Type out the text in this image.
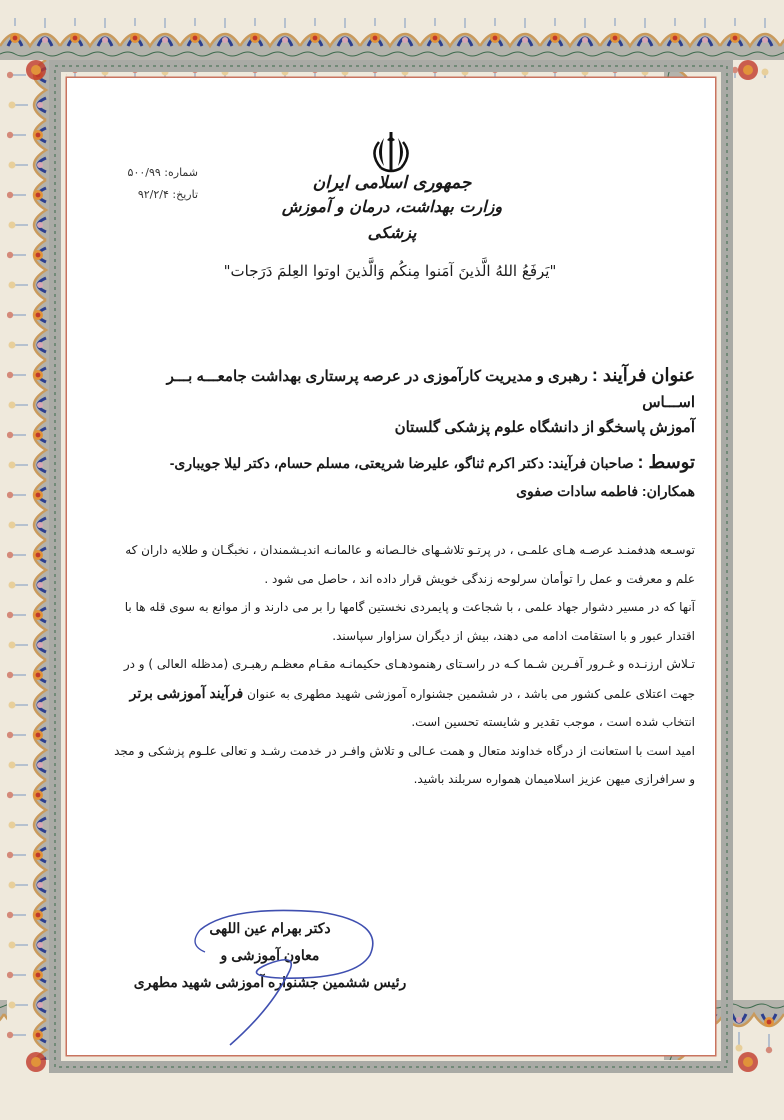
شماره: ۵۰۰/۹۹
تاریخ: ۹۲/۲/۴
جمهوری اسلامی ایران
وزارت بهداشت، درمان و آموزش پزشکی
"یَرفَعُ اللهُ الَّذینَ آمَنوا مِنکُم وَالَّذینَ اوتوا العِلمَ دَرَجات"
عنوان فرآیند : رهبری و مدیریت کارآموزی در عرصه پرستاری بهداشت جامعـــه بـــر اســـاس
آموزش پاسخگو از دانشگاه علوم پزشکی گلستان
توسط : صاحبان فرآیند: دکتر اکرم ثناگو، علیرضا شریعتی، مسلم حسام، دکتر لیلا جویباری-
همکاران: فاطمه سادات صفوی

توسـعه هدفمنـد عرصـه هـای علمـی ، در پرتـو تلاشـهای خالـصانه و عالمانـه اندیـشمندان ، نخبگـان و طلایه داران که علم و معرفت و عمل را توأمان سرلوحه زندگی خویش قرار داده اند ، حاصل می شود .

آنها که در مسیر دشوار جهاد علمی ، با شجاعت و پایمردی نخستین گامها را بر می دارند و از موانع به سوی قله ها با اقتدار عبور و با استقامت ادامه می دهند، بیش از دیگران سزاوار سپاسند.

تـلاش ارزنـده و غـرور آفـرین شـما کـه در راسـتای رهنمودهـای حکیمانـه مقـام معظـم رهبـری (مدظله العالی ) و در جهت اعتلای علمی کشور می باشد ، در ششمین جشنواره آموزشی شهید مطهری به عنوان فرآیند آموزشی برتر انتخاب شده است ، موجب تقدیر و شایسته تحسین است.

امید است با استعانت از درگاه خداوند متعال و همت عـالی و تلاش وافـر در خدمت رشـد و تعالی علـوم پزشکی و مجد و سرافرازی میهن عزیز اسلامیمان همواره سربلند باشید.

دکتر بهرام عین اللهی
معاون آموزشی و
رئیس ششمین جشنواره آموزشی شهید مطهری
